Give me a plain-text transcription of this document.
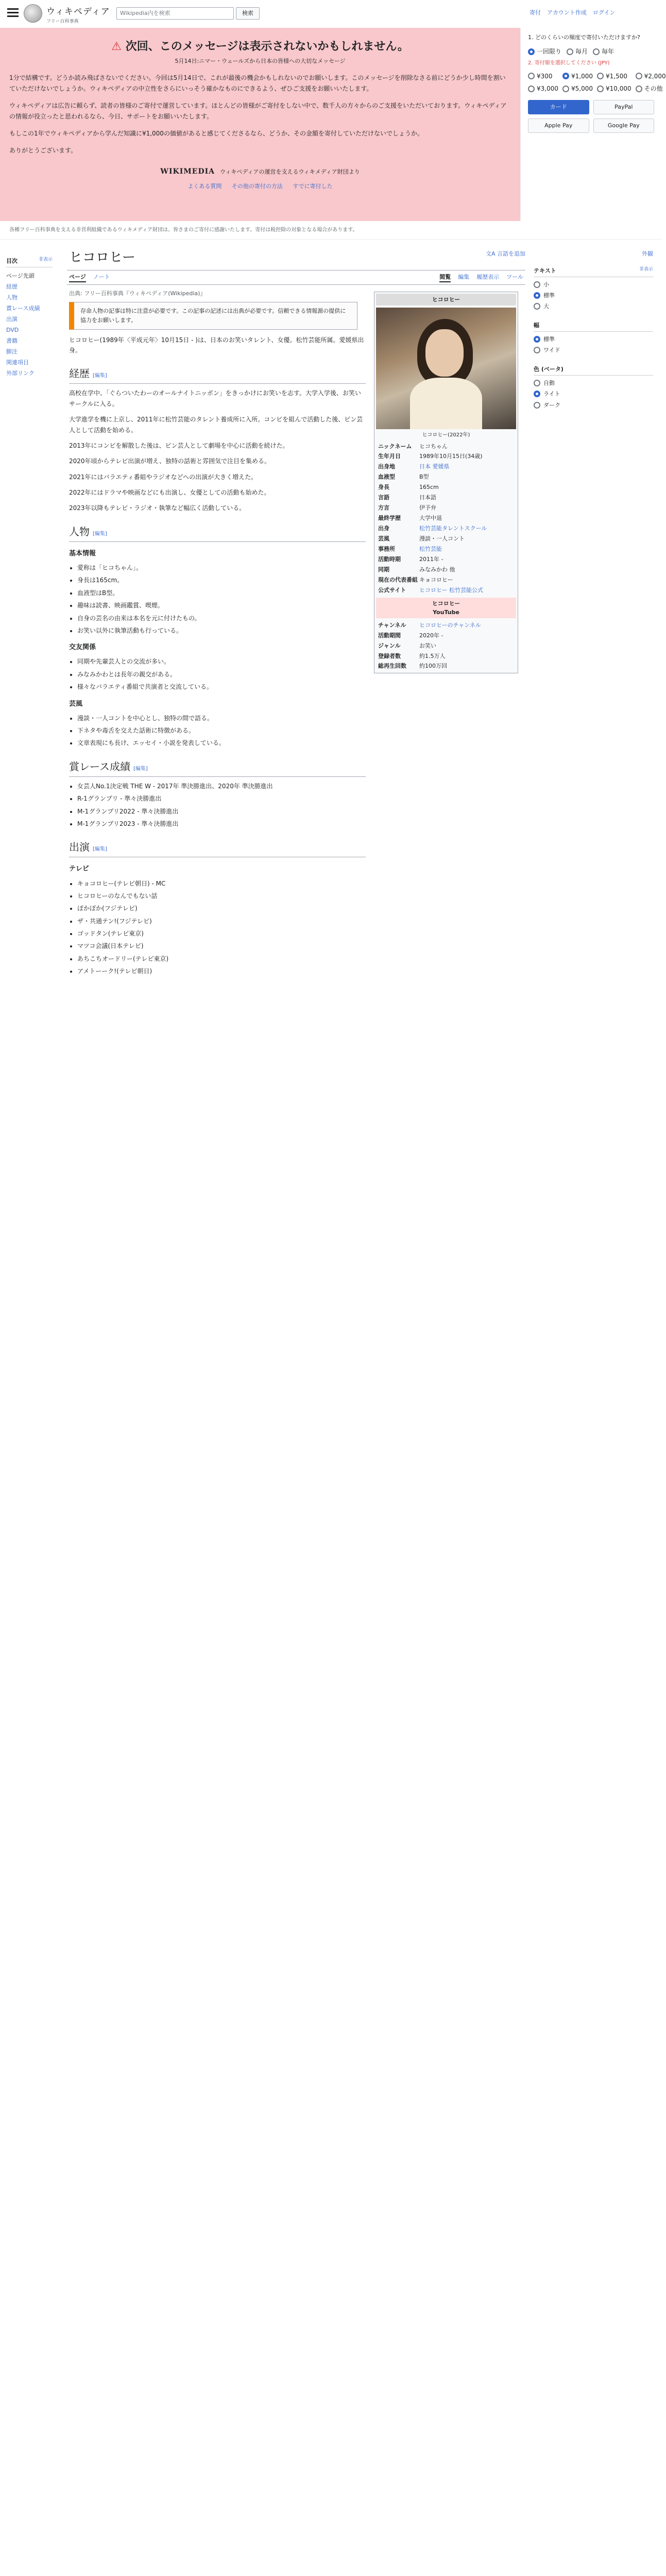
ウィキペディア
フリー百科事典
Wikipedia内を検索	検索	寄付 アカウント作成 ログイン
⚠ 次回、このメッセージは表示されないかもしれません。
5月14日:ニマー・ウェールズから日本の皆様への大切なメッセージ

1分で結構です。どうか読み飛ばさないでください。今回は5月14日で、これが最後の機会かもしれないのでお願いします。このメッセージを削除なさる前にどうか少し時間を割いていただけないでしょうか。ウィキペディアの中立性をさらにいっそう確かなものにできるよう、ぜひご支援をお願いいたします。

ウィキペディアは広告に頼らず、読者の皆様のご寄付で運営しています。ほとんどの皆様がご寄付をしない中で、数千人の方々からのご支援をいただいております。ウィキペディアの情報が役立ったと思われるなら、今日、サポートをお願いいたします。

もしこの1年でウィキペディアから学んだ知識に¥1,000の価値があると感じてくださるなら、どうか、その金額を寄付していただけないでしょうか。

ありがとうございます。

WIKIMEDIA ウィキペディアの運営を支えるウィキメディア財団より
よくある質問 その他の寄付の方法 すでに寄付した
1. どのくらいの頻度で寄付いただけますか?
一回限り 毎月 毎年
2. 寄付額を選択してください (JPY)
¥300	¥1,000 ¥1,500	¥2,000
¥3,000 ¥5,000 ¥10,000 その他
カード	PayPal
Apple Pay	Google Pay
各種フリー百科事典を支える非営利組織であるウィキメディア財団は、皆さまのご寄付に感謝いたします。寄付は税控除の対象となる場合があります。
目次	非表示
ページ先頭
経歴
人物
賞レース成績
出演
DVD
書籍
脚注
関連項目
外部リンク
ヒコロヒー	文A 言語を追加
ページ ノート	閲覧 編集 履歴表示 ツール
出典: フリー百科事典『ウィキペディア(Wikipedia)』
存命人物の記事は特に注意が必要です。この記事の記述には出典が必要です。信頼できる情報源の提供に協力をお願いします。

ヒコロヒー(1989年〈平成元年〉10月15日 - )は、日本のお笑いタレント、女優。松竹芸能所属。愛媛県出身。

経歴 [編集]

高校在学中、「ぐらついたわーのオールナイトニッポン」をきっかけにお笑いを志す。大学入学後、お笑いサークルに入る。

大学進学を機に上京し、2011年に松竹芸能のタレント養成所に入所。コンビを組んで活動した後、ピン芸人として活動を始める。

2013年にコンビを解散した後は、ピン芸人として劇場を中心に活動を続けた。

2020年頃からテレビ出演が増え、独特の話術と雰囲気で注目を集める。

2021年にはバラエティ番組やラジオなどへの出演が大きく増えた。

2022年にはドラマや映画などにも出演し、女優としての活動も始めた。

2023年以降もテレビ・ラジオ・執筆など幅広く活動している。

人物 [編集]
基本情報
• 愛称は「ヒコちゃん」。
• 身長は165cm。
• 血液型はB型。
• 趣味は読書、映画鑑賞、喫煙。
• 自身の芸名の由来は本名を元に付けたもの。
• お笑い以外に執筆活動も行っている。
交友関係
• 同期や先輩芸人との交流が多い。
• みなみかわとは長年の親交がある。
• 様々なバラエティ番組で共演者と交流している。
芸風
• 漫談・一人コントを中心とし、独特の間で語る。
• 下ネタや毒舌を交えた話術に特徴がある。
• 文章表現にも長け、エッセイ・小説を発表している。
賞レース成績 [編集]
• 女芸人No.1決定戦 THE W - 2017年 準決勝進出、2020年 準決勝進出
• R-1グランプリ - 準々決勝進出
• M-1グランプリ2022 - 準々決勝進出
• M-1グランプリ2023 - 準々決勝進出
出演 [編集]
テレビ
• キョコロヒー(テレビ朝日) - MC
• ヒコロヒーのなんでもない話
• ぽかぽか(フジテレビ)
• ザ・共通テン!(フジテレビ)
• ゴッドタン(テレビ東京)
• マツコ会議(日本テレビ)
• あちこちオードリー(テレビ東京)
• アメトーーク!(テレビ朝日)
ヒコロヒー
ヒコロヒー(2022年)
ニックネーム	ヒコちゃん
生年月日	1989年10月15日(34歳)
出身地	日本 愛媛県
血液型	B型
身長	165cm
言語	日本語
方言	伊予弁
最終学歴	大学中退
出身	松竹芸能タレントスクール
芸風	漫談・一人コント
事務所	松竹芸能
活動時期	2011年 -
同期	みなみかわ 他
現在の代表番組 キョコロヒー
公式サイト	ヒコロヒー 松竹芸能公式
ヒコロヒー
YouTube
チャンネル	ヒコロヒーのチャンネル
活動期間	2020年 -
ジャンル	お笑い
登録者数	約1.5万人
総再生回数	約100万回
外観
テキスト	非表示
小
標準
大
幅
標準
ワイド
色 (ベータ)
自動
ライト
ダーク
